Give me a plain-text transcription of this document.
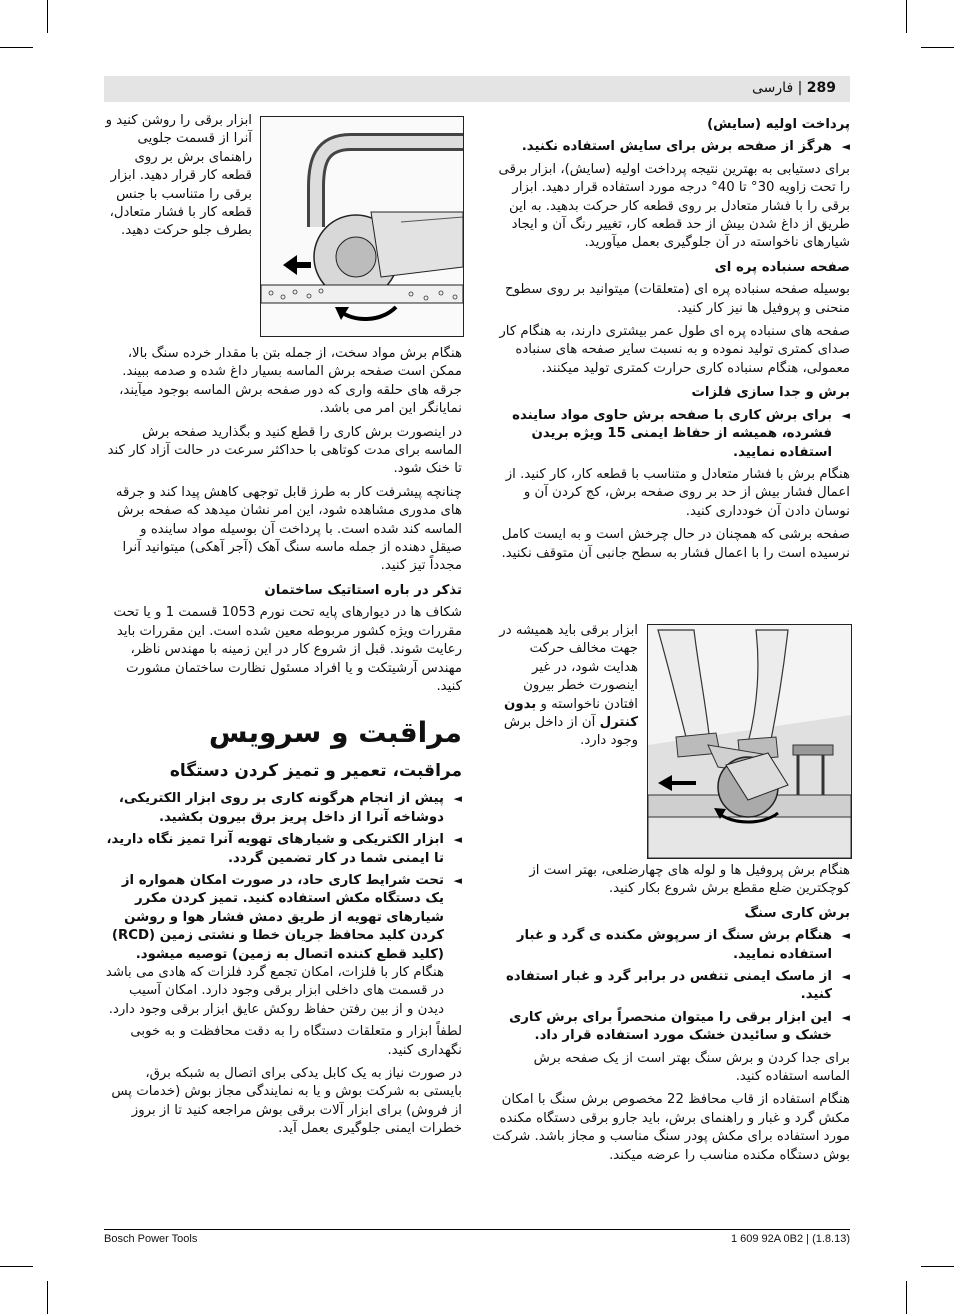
289 | فارسی
پرداخت اولیه (سایش)
◄
هرگز از صفحه برش برای سایش استفاده نکنید.

برای دستیابی به بهترین نتیجه پرداخت اولیه (سایش)، ابزار برقی را تحت زاویه 30° تا 40° درجه مورد استفاده قرار دهید. ابزار برقی را با فشار متعادل بر روی قطعه کار حرکت بدهید. به این طریق از داغ شدن بیش از حد قطعه کار، تغییر رنگ آن و ایجاد شیارهای ناخواسته در آن جلوگیری بعمل میآورید.

صفحه سنباده پره ای

بوسیله صفحه سنباده پره ای (متعلقات) میتوانید بر روی سطوح منحنی و پروفیل ها نیز کار کنید.

صفحه های سنباده پره ای طول عمر بیشتری دارند، به هنگام کار صدای کمتری تولید نموده و به نسبت سایر صفحه های سنباده معمولی، هنگام سنباده کاری حرارت کمتری تولید میکنند.

برش و جدا سازی فلزات
◄
برای برش کاری با صفحه برش حاوی مواد ساینده فشرده، همیشه از حفاظ ایمنی 15 ویژه بریدن استفاده نمایید.

هنگام برش با فشار متعادل و متناسب با قطعه کار، کار کنید. از اعمال فشار بیش از حد بر روی صفحه برش، کج کردن آن و نوسان دادن آن خودداری کنید.

صفحه برشی که همچنان در حال چرخش است و به ایست کامل نرسیده است را با اعمال فشار به سطح جانبی آن متوقف نکنید.

ابزار برقی باید همیشه در جهت مخالف حرکت هدایت شود، در غیر اینصورت خطر بیرون افتادن ناخواسته و بدون کنترل آن از داخل برش وجود دارد.

هنگام برش پروفیل ها و لوله های چهارضلعی، بهتر است از کوچکترین ضلع مقطع برش شروع بکار کنید.

برش کاری سنگ
◄
هنگام برش سنگ از سرپوش مکنده ی گرد و غبار استفاده نمایید.
◄
از ماسک ایمنی تنفس در برابر گرد و غبار استفاده کنید.
◄
این ابزار برقی را میتوان منحصراً برای برش کاری خشک و سائیدن خشک مورد استفاده قرار داد.

برای جدا کردن و برش سنگ بهتر است از یک صفحه برش الماسه استفاده کنید.

هنگام استفاده از قاب محافظ 22 مخصوص برش سنگ با امکان مکش گرد و غبار و راهنمای برش، باید جارو برقی دستگاه مکنده مورد استفاده برای مکش پودر سنگ مناسب و مجاز باشد. شرکت بوش دستگاه مکنده مناسب را عرضه میکند.

ابزار برقی را روشن کنید و آنرا از قسمت جلویی راهنمای برش بر روی قطعه کار قرار دهید. ابزار برقی را متناسب با جنس قطعه کار با فشار متعادل، بطرف جلو حرکت دهید.

هنگام برش مواد سخت، از جمله بتن با مقدار خرده سنگ بالا، ممکن است صفحه برش الماسه بسیار داغ شده و صدمه ببیند. جرقه های حلقه واری که دور صفحه برش الماسه بوجود میآیند، نمایانگر این امر می باشد.

در اینصورت برش کاری را قطع کنید و بگذارید صفحه برش الماسه برای مدت کوتاهی با حداکثر سرعت در حالت آزاد کار کند تا خنک شود.

چنانچه پیشرفت کار به طرز قابل توجهی کاهش پیدا کند و جرقه های مدوری مشاهده شود، این امر نشان میدهد که صفحه برش الماسه کند شده است. با پرداخت آن بوسیله مواد ساینده و صیقل دهنده از جمله ماسه سنگ آهک (آجر آهکی) میتوانید آنرا مجدداً تیز کنید.

تذکر در باره استاتیک ساختمان

شکاف ها در دیوارهای پایه تحت نورم 1053 قسمت 1 و یا تحت مقررات ویژه کشور مربوطه معین شده است. این مقررات باید رعایت شوند. قبل از شروع کار در این زمینه با مهندس ناظر، مهندس آرشیتکت و یا افراد مسئول نظارت ساختمان مشورت کنید.

مراقبت و سرویس
مراقبت، تعمیر و تمیز کردن دستگاه
◄
پیش از انجام هرگونه کاری بر روی ابزار الکتریکی، دوشاخه آنرا از داخل پریز برق بیرون بکشید.
◄
ابزار الکتریکی و شیارهای تهویه آنرا تمیز نگاه دارید، تا ایمنی شما در کار تضمین گردد.
◄
تحت شرایط کاری حاد، در صورت امکان همواره از یک دستگاه مکش استفاده کنید. تمیز کردن مکرر شیارهای تهویه از طریق دمش فشار هوا و روشن کردن کلید محافظ جریان خطا و نشتی زمین (RCD) (کلید قطع کننده اتصال به زمین) توصیه میشود.
هنگام کار با فلزات، امکان تجمع گرد فلزات که هادی می باشد در قسمت های داخلی ابزار برقی وجود دارد. امکان آسیب دیدن و از بین رفتن حفاظ روکش عایق ابزار برقی وجود دارد.

لطفاً ابزار و متعلقات دستگاه را به دقت محافظت و به خوبی نگهداری کنید.

در صورت نیاز به یک کابل یدکی برای اتصال به شبکه برق، بایستی به شرکت بوش و یا به نمایندگی مجاز بوش (خدمات پس از فروش) برای ابزار آلات برقی بوش مراجعه کنید تا از بروز خطرات ایمنی جلوگیری بعمل آید.

Bosch Power Tools	1 609 92A 0B2 | (1.8.13)
